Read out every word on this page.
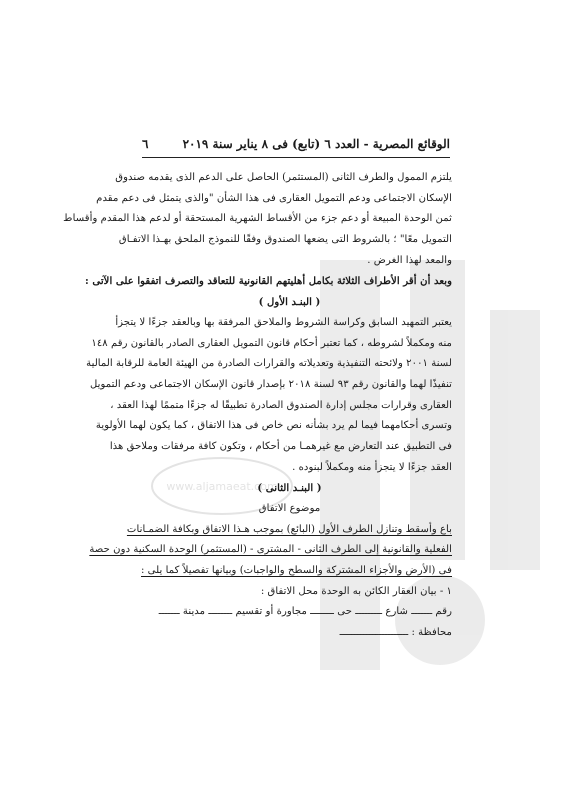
٦	الوقائع المصرية - العدد ٦ (تابع) فى ٨ يناير سنة ٢٠١٩
يلتزم الممول والطرف الثانى (المستثمر) الحاصل على الدعم الذى يقدمه صندوق
الإسكان الاجتماعى ودعم التمويل العقارى فى هذا الشأن "والذى يتمثل فى دعم مقدم
ثمن الوحدة المبيعة أو دعم جزء من الأقساط الشهرية المستحقة أو لدعم هذا المقدم وأقساط
التمويل معًا" ؛ بالشروط التى يضعها الصندوق وفقًا للنموذج الملحق بهـذا الاتفـاق
والمعد لهذا الغرض .
وبعد أن أقر الأطراف الثلاثة بكامل أهليتهم القانونية للتعاقد والتصرف اتفقوا على الآتى :
( البنـد الأول )
يعتبر التمهيد السابق وكراسة الشروط والملاحق المرفقة بها وبالعقد جزءًا لا يتجزأ
منه ومكملاً لشروطه ، كما تعتبر أحكام قانون التمويل العقارى الصادر بالقانون رقم ١٤٨
لسنة ٢٠٠١ ولائحته التنفيذية وتعديلاته والقرارات الصادرة من الهيئة العامة للرقابة المالية
تنفيذًا لهما والقانون رقم ٩٣ لسنة ٢٠١٨ بإصدار قانون الإسكان الاجتماعى ودعم التمويل
العقارى وقرارات مجلس إدارة الصندوق الصادرة تطبيقًا له جزءًا متممًا لهذا العقد ،
وتسرى أحكامهما فيما لم يرد بشأنه نص خاص فى هذا الاتفاق ، كما يكون لهما الأولوية
فى التطبيق عند التعارض مع غيرهمـا من أحكام ، وتكون كافة مرفقات وملاحق هذا
العقد جزءًا لا يتجزأ منه ومكملاً لبنوده .
( البنـد الثانى )
موضوع الاتفاق
باع وأسقط وتنازل الطرف الأول (البائع) بموجب هـذا الاتفاق وبكافة الضمـانات
الفعلية والقانونية إلى الطرف الثانى - المشترى - (المستثمر) الوحدة السكنية دون حصة
فى (الأرض والأجزاء المشتركة والسطح والواجبات) وبيانها تفصيلاً كما يلى :
١ - بيان العقار الكائن به الوحدة محل الاتفاق :
رقم ـــــــ شارع ـــــــــ حى ــــــــ مجاورة أو تقسيم ــــــــ مدينة ـــــــ
محافظة : ـــــــــــــــــــــــ
www.aljamaeat.com
